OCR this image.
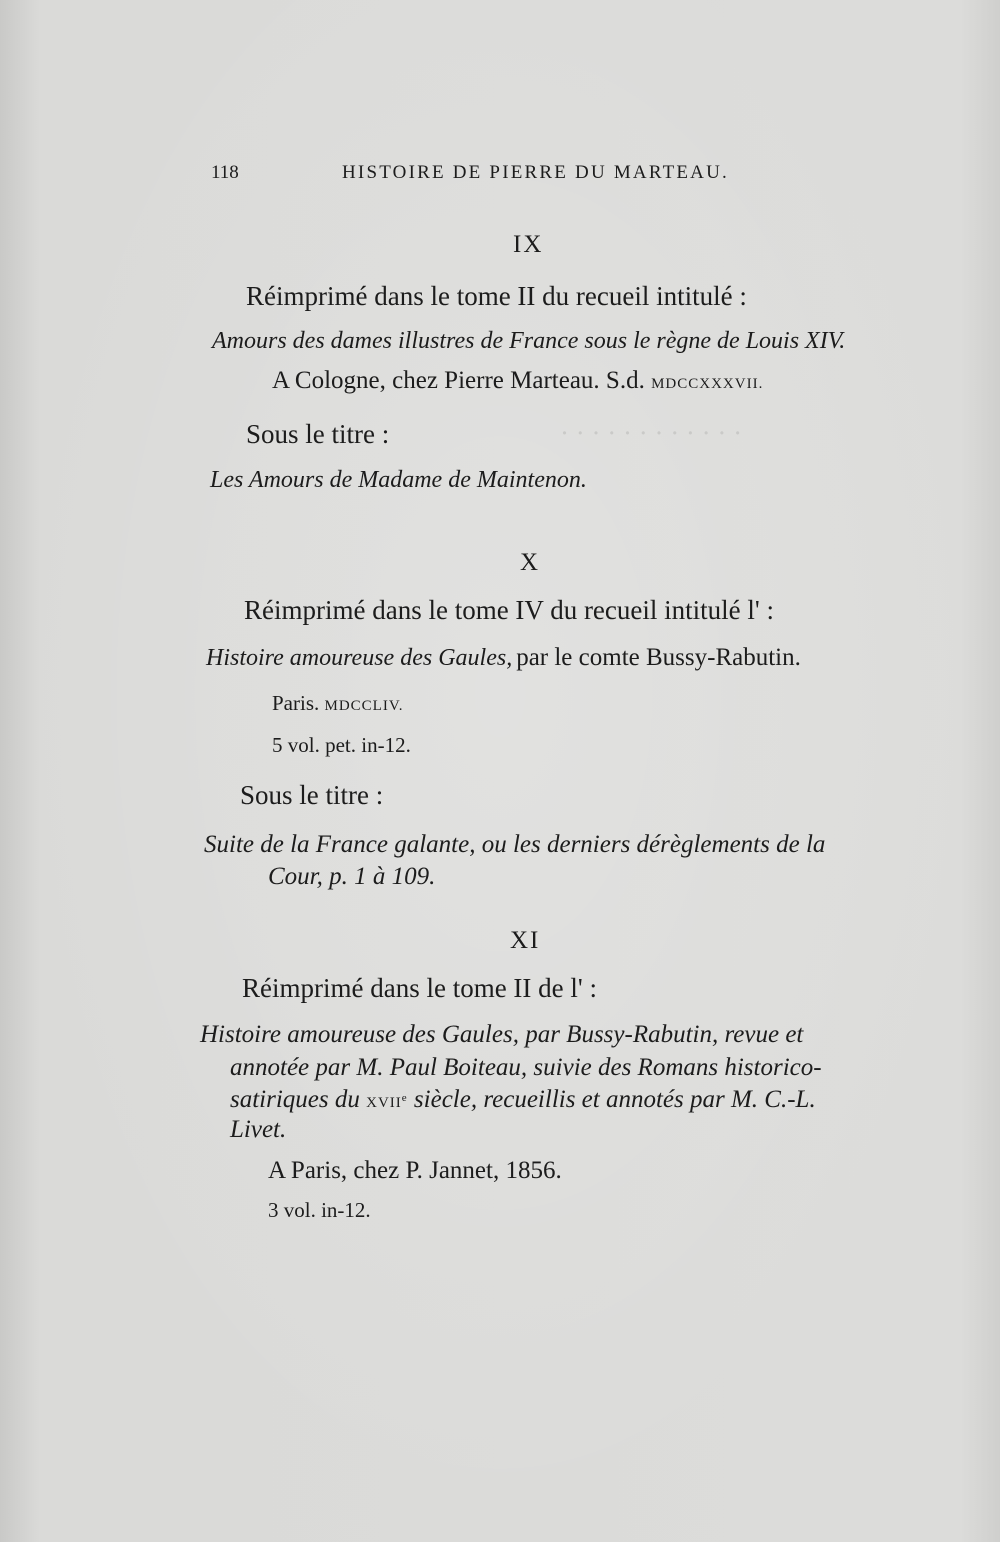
· · · · · · · · · · · ·
118	HISTOIRE DE PIERRE DU MARTEAU.
IX
Réimprimé dans le tome II du recueil intitulé :
Amours des dames illustres de France sous le règne de Louis XIV.
A Cologne, chez Pierre Marteau. S.d. MDCCXXXVII.
Sous le titre :
Les Amours de Madame de Maintenon.
X
Réimprimé dans le tome IV du recueil intitulé l' :
Histoire amoureuse des Gaules, par le comte Bussy-Rabutin.
Paris. MDCCLIV.
5 vol. pet. in-12.
Sous le titre :
Suite de la France galante, ou les derniers dérèglements de la
Cour, p. 1 à 109.
XI
Réimprimé dans le tome II de l' :
Histoire amoureuse des Gaules, par Bussy-Rabutin, revue et
annotée par M. Paul Boiteau, suivie des Romans historico-
satiriques du XVIIe siècle, recueillis et annotés par M. C.-L.
Livet.
A Paris, chez P. Jannet, 1856.
3 vol. in-12.
